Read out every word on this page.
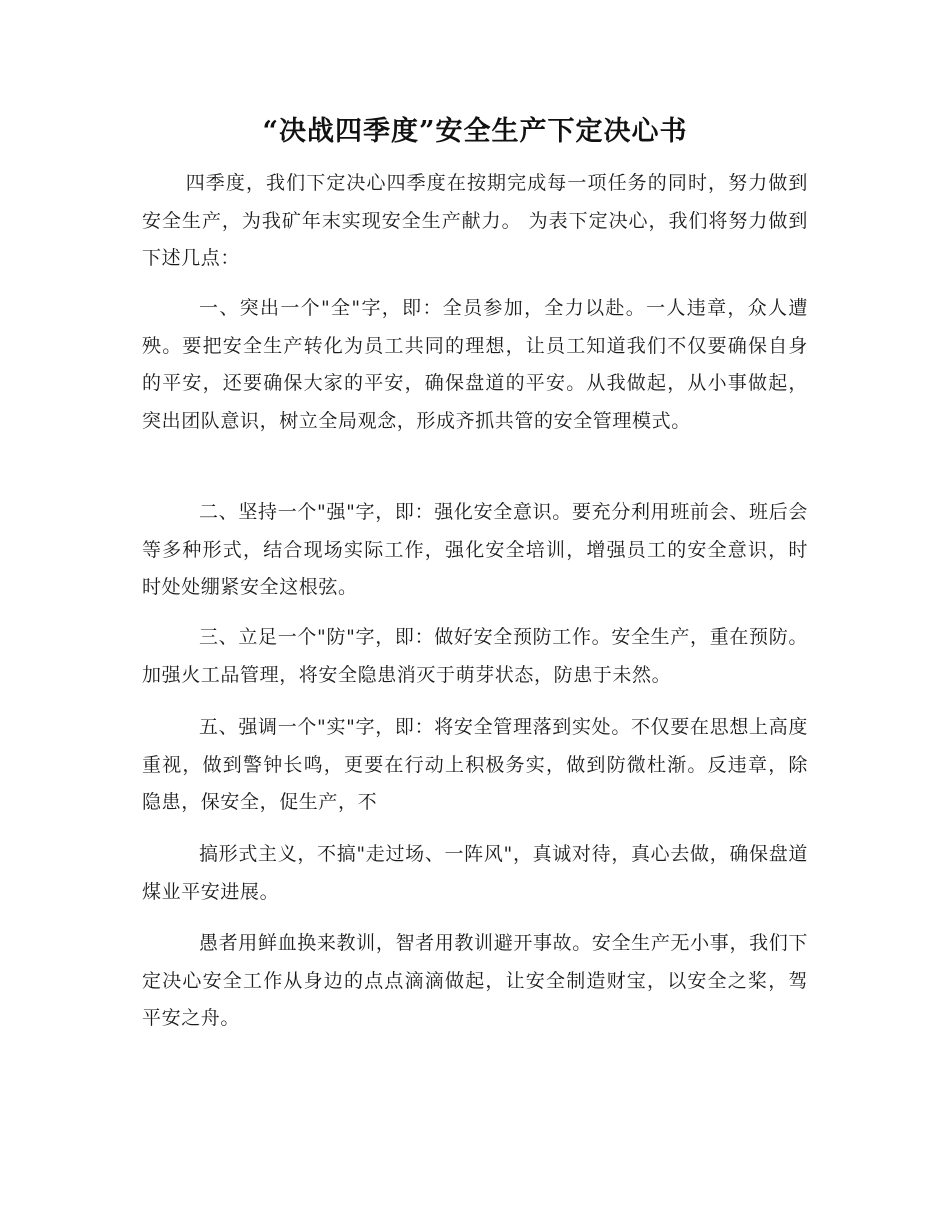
“决战四季度”安全生产下定决心书

四季度，我们下定决心四季度在按期完成每一项任务的同时，努力做到安全生产，为我矿年末实现安全生产献力。 为表下定决心，我们将努力做到下述几点：

一、突出一个"全"字，即：全员参加，全力以赴。一人违章，众人遭殃。要把安全生产转化为员工共同的理想，让员工知道我们不仅要确保自身的平安，还要确保大家的平安，确保盘道的平安。从我做起，从小事做起，突出团队意识，树立全局观念，形成齐抓共管的安全管理模式。

二、坚持一个"强"字，即：强化安全意识。要充分利用班前会、班后会等多种形式，结合现场实际工作，强化安全培训，增强员工的安全意识，时时处处绷紧安全这根弦。

三、立足一个"防"字，即：做好安全预防工作。安全生产，重在预防。加强火工品管理，将安全隐患消灭于萌芽状态，防患于未然。

五、强调一个"实"字，即：将安全管理落到实处。不仅要在思想上高度重视，做到警钟长鸣，更要在行动上积极务实，做到防微杜渐。反违章，除隐患，保安全，促生产，不

搞形式主义，不搞"走过场、一阵风"，真诚对待，真心去做，确保盘道煤业平安进展。

愚者用鲜血换来教训，智者用教训避开事故。安全生产无小事，我们下定决心安全工作从身边的点点滴滴做起，让安全制造财宝，以安全之桨，驾平安之舟。
